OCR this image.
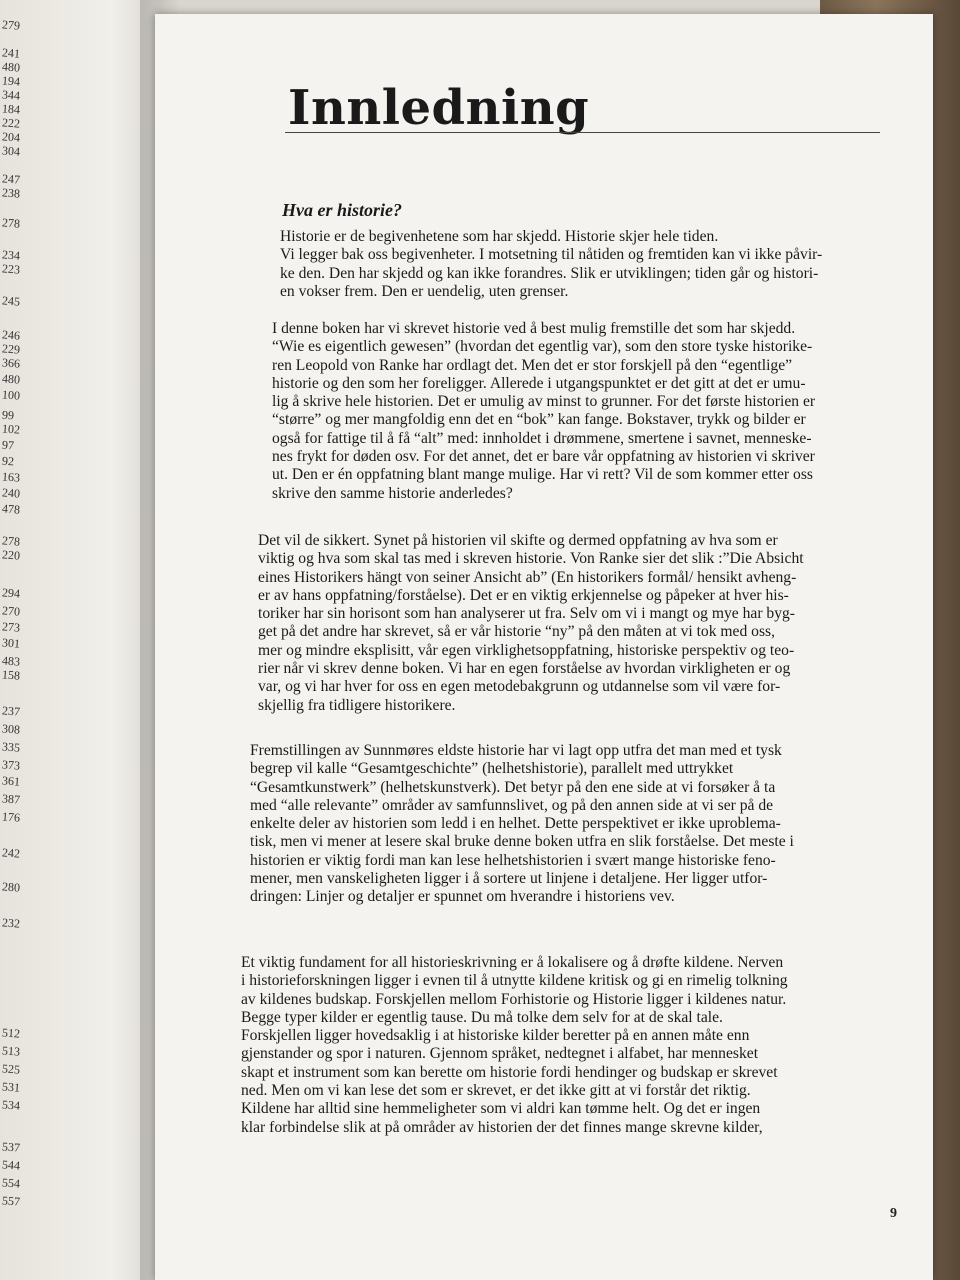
279
241
480
194
344
184
222
204
304
247
238
278
234
223
245
246
229
366
480
100
99
102
97
92
163
240
478
278
220
294
270
273
301
483
158
237
308
335
373
361
387
176
242
280
232
512
513
525
531
534
537
544
554
557
Innledning
Hva er historie?
Historie er de begivenhetene som har skjedd. Historie skjer hele tiden.
Vi legger bak oss begivenheter. I motsetning til nåtiden og fremtiden kan vi ikke påvir-
ke den. Den har skjedd og kan ikke forandres. Slik er utviklingen; tiden går og histori-
en vokser frem. Den er uendelig, uten grenser.
I denne boken har vi skrevet historie ved å best mulig fremstille det som har skjedd.
“Wie es eigentlich gewesen” (hvordan det egentlig var), som den store tyske historike-
ren Leopold von Ranke har ordlagt det. Men det er stor forskjell på den “egentlige”
historie og den som her foreligger. Allerede i utgangspunktet er det gitt at det er umu-
lig å skrive hele historien. Det er umulig av minst to grunner. For det første historien er
“større” og mer mangfoldig enn det en “bok” kan fange. Bokstaver, trykk og bilder er
også for fattige til å få “alt” med: innholdet i drømmene, smertene i savnet, menneske-
nes frykt for døden osv. For det annet, det er bare vår oppfatning av historien vi skriver
ut. Den er én oppfatning blant mange mulige. Har vi rett? Vil de som kommer etter oss
skrive den samme historie anderledes?
Det vil de sikkert. Synet på historien vil skifte og dermed oppfatning av hva som er
viktig og hva som skal tas med i skreven historie. Von Ranke sier det slik :”Die Absicht
eines Historikers hängt von seiner Ansicht ab” (En historikers formål/ hensikt avheng-
er av hans oppfatning/forståelse). Det er en viktig erkjennelse og påpeker at hver his-
toriker har sin horisont som han analyserer ut fra. Selv om vi i mangt og mye har byg-
get på det andre har skrevet, så er vår historie “ny” på den måten at vi tok med oss,
mer og mindre eksplisitt, vår egen virklighetsoppfatning, historiske perspektiv og teo-
rier når vi skrev denne boken. Vi har en egen forståelse av hvordan virkligheten er og
var, og vi har hver for oss en egen metodebakgrunn og utdannelse som vil være for-
skjellig fra tidligere historikere.
Fremstillingen av Sunnmøres eldste historie har vi lagt opp utfra det man med et tysk
begrep vil kalle “Gesamtgeschichte” (helhetshistorie), parallelt med uttrykket
“Gesamtkunstwerk” (helhetskunstverk). Det betyr på den ene side at vi forsøker å ta
med “alle relevante” områder av samfunnslivet, og på den annen side at vi ser på de
enkelte deler av historien som ledd i en helhet. Dette perspektivet er ikke uproblema-
tisk, men vi mener at lesere skal bruke denne boken utfra en slik forståelse. Det meste i
historien er viktig fordi man kan lese helhetshistorien i svært mange historiske feno-
mener, men vanskeligheten ligger i å sortere ut linjene i detaljene. Her ligger utfor-
dringen: Linjer og detaljer er spunnet om hverandre i historiens vev.
Et viktig fundament for all historieskrivning er å lokalisere og å drøfte kildene. Nerven
i historieforskningen ligger i evnen til å utnytte kildene kritisk og gi en rimelig tolkning
av kildenes budskap. Forskjellen mellom Forhistorie og Historie ligger i kildenes natur.
Begge typer kilder er egentlig tause. Du må tolke dem selv for at de skal tale.
Forskjellen ligger hovedsaklig i at historiske kilder beretter på en annen måte enn
gjenstander og spor i naturen. Gjennom språket, nedtegnet i alfabet, har mennesket
skapt et instrument som kan berette om historie fordi hendinger og budskap er skrevet
ned. Men om vi kan lese det som er skrevet, er det ikke gitt at vi forstår det riktig.
Kildene har alltid sine hemmeligheter som vi aldri kan tømme helt. Og det er ingen
klar forbindelse slik at på områder av historien der det finnes mange skrevne kilder,
9
